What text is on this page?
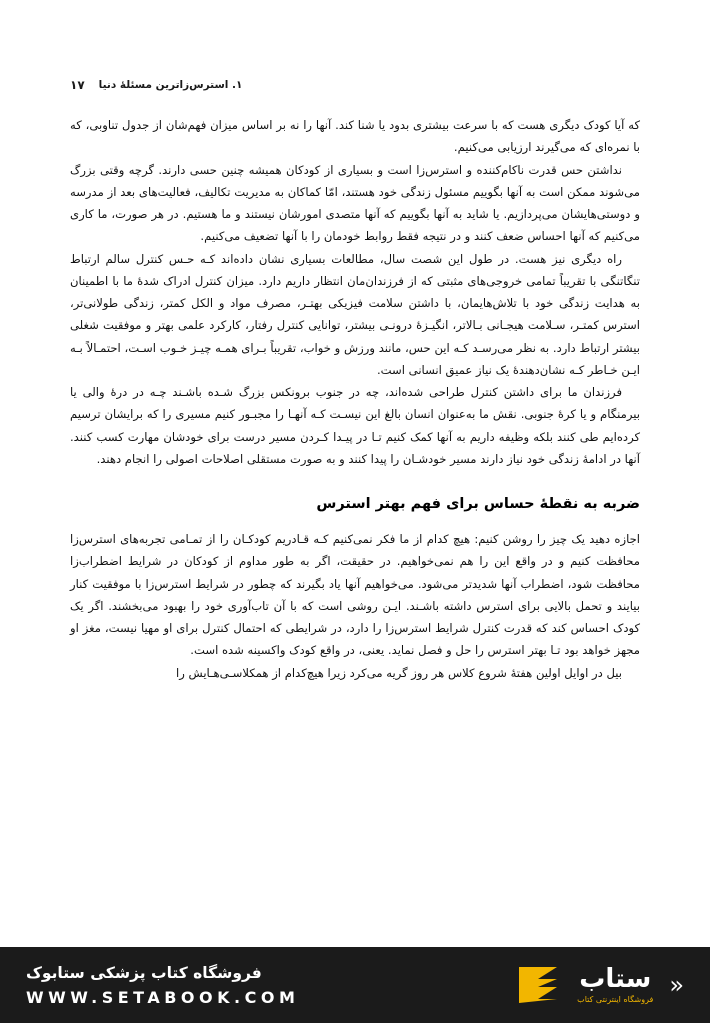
۱۷ ۱. استرس‌زاترین مسئلۀ دنیا

که آیا کودک دیگری هست که با سرعت بیشتری بدود یا شنا کند. آنها را نه بر اساس میزان فهم‌شان از جدول تناوبی، که با نمره‌ای که می‌گیرند ارزیابی می‌کنیم.

نداشتن حس قدرت ناکام‌کننده و استرس‌زا است و بسیاری از کودکان همیشه چنین حسی دارند. گرچه وقتی بزرگ می‌شوند ممکن است به آنها بگوییم مسئول زندگی خود هستند، امّا کماکان به مدیریت تکالیف، فعالیت‌های بعد از مدرسه و دوستی‌هایشان می‌پردازیم. یا شاید به آنها بگوییم که آنها متصدی امورشان نیستند و ما هستیم. در هر صورت، ما کاری می‌کنیم که آنها احساس ضعف کنند و در نتیجه فقط روابط خودمان را با آنها تضعیف می‌کنیم.

راه دیگری نیز هست. در طول این شصت سال، مطالعات بسیاری نشان داده‌اند کـه حـس کنترل سالم ارتباط تنگاتنگی با تقریباً تمامی خروجی‌های مثبتی که از فرزندان‌مان انتظار داریم دارد. میزان کنترل ادراک شدۀ ما با اطمینان به هدایت زندگی خود با تلاش‌هایمان، با داشتن سلامت فیزیکی بهتـر، مصرف مواد و الکل کمتر، زندگی طولانی‌تر، استرس کمتـر، سـلامت هیجـانی بـالاتر، انگیـزۀ درونـی بیشتر، توانایی کنترل رفتار، کارکرد علمی بهتر و موفقیت شغلی بیشتر ارتباط دارد. به نظر می‌رسـد کـه این حس، مانند ورزش و خواب، تقریباً بـرای همـه چیـز خـوب اسـت، احتمـالاً بـه ایـن خـاطر کـه نشان‌دهندۀ یک نیاز عمیق انسانی است.

فرزندان ما برای داشتن کنترل طراحی شده‌اند، چه در جنوب برونکس بزرگ شـده باشـند چـه در درۀ والی یا بیرمنگام و یا کرۀ جنوبی. نقش ما به‌عنوان انسان بالغ این نیسـت کـه آنهـا را مجبـور کنیم مسیری را که برایشان ترسیم کرده‌ایم طی کنند بلکه وظیفه داریم به آنها کمک کنیم تـا در پیـدا کـردن مسیر درست برای خودشان مهارت کسب کنند. آنها در ادامۀ زندگی خود نیاز دارند مسیر خودشـان را پیدا کنند و به صورت مستقلی اصلاحات اصولی را انجام دهند.

ضربه به نقطهٔ حساس برای فهم بهتر استرس

اجازه دهید یک چیز را روشن کنیم: هیچ کدام از ما فکر نمی‌کنیم کـه قـادریم کودکـان را از تمـامی تجربه‌های استرس‌زا محافظت کنیم و در واقع این را هم نمی‌خواهیم. در حقیقت، اگر به طور مداوم از کودکان در شرایط اضطراب‌زا محافظت شود، اضطراب آنها شدیدتر می‌شود. می‌خواهیم آنها یاد بگیرند که چطور در شرایط استرس‌زا با موفقیت کنار بیایند و تحمل بالایی برای استرس داشته باشـند. ایـن روشی است که با آن تاب‌آوری خود را بهبود می‌بخشند. اگر یک کودک احساس کند که قدرت کنترل شرایط استرس‌زا را دارد، در شرایطی که احتمال کنترل برای او مهیا نیست، مغز او مجهز خواهد بود تـا بهتر استرس را حل و فصل نماید. یعنی، در واقع کودک واکسینه شده است.

بیل در اوایل اولین هفتۀ شروع کلاس هر روز گریه می‌کرد زیرا هیچ‌کدام از همکلاسـی‌هـایش را

«
ستاب
فروشگاه اینترنتی کتاب
فروشگاه کتاب پزشکی ستابوک
WWW.SETABOOK.COM
